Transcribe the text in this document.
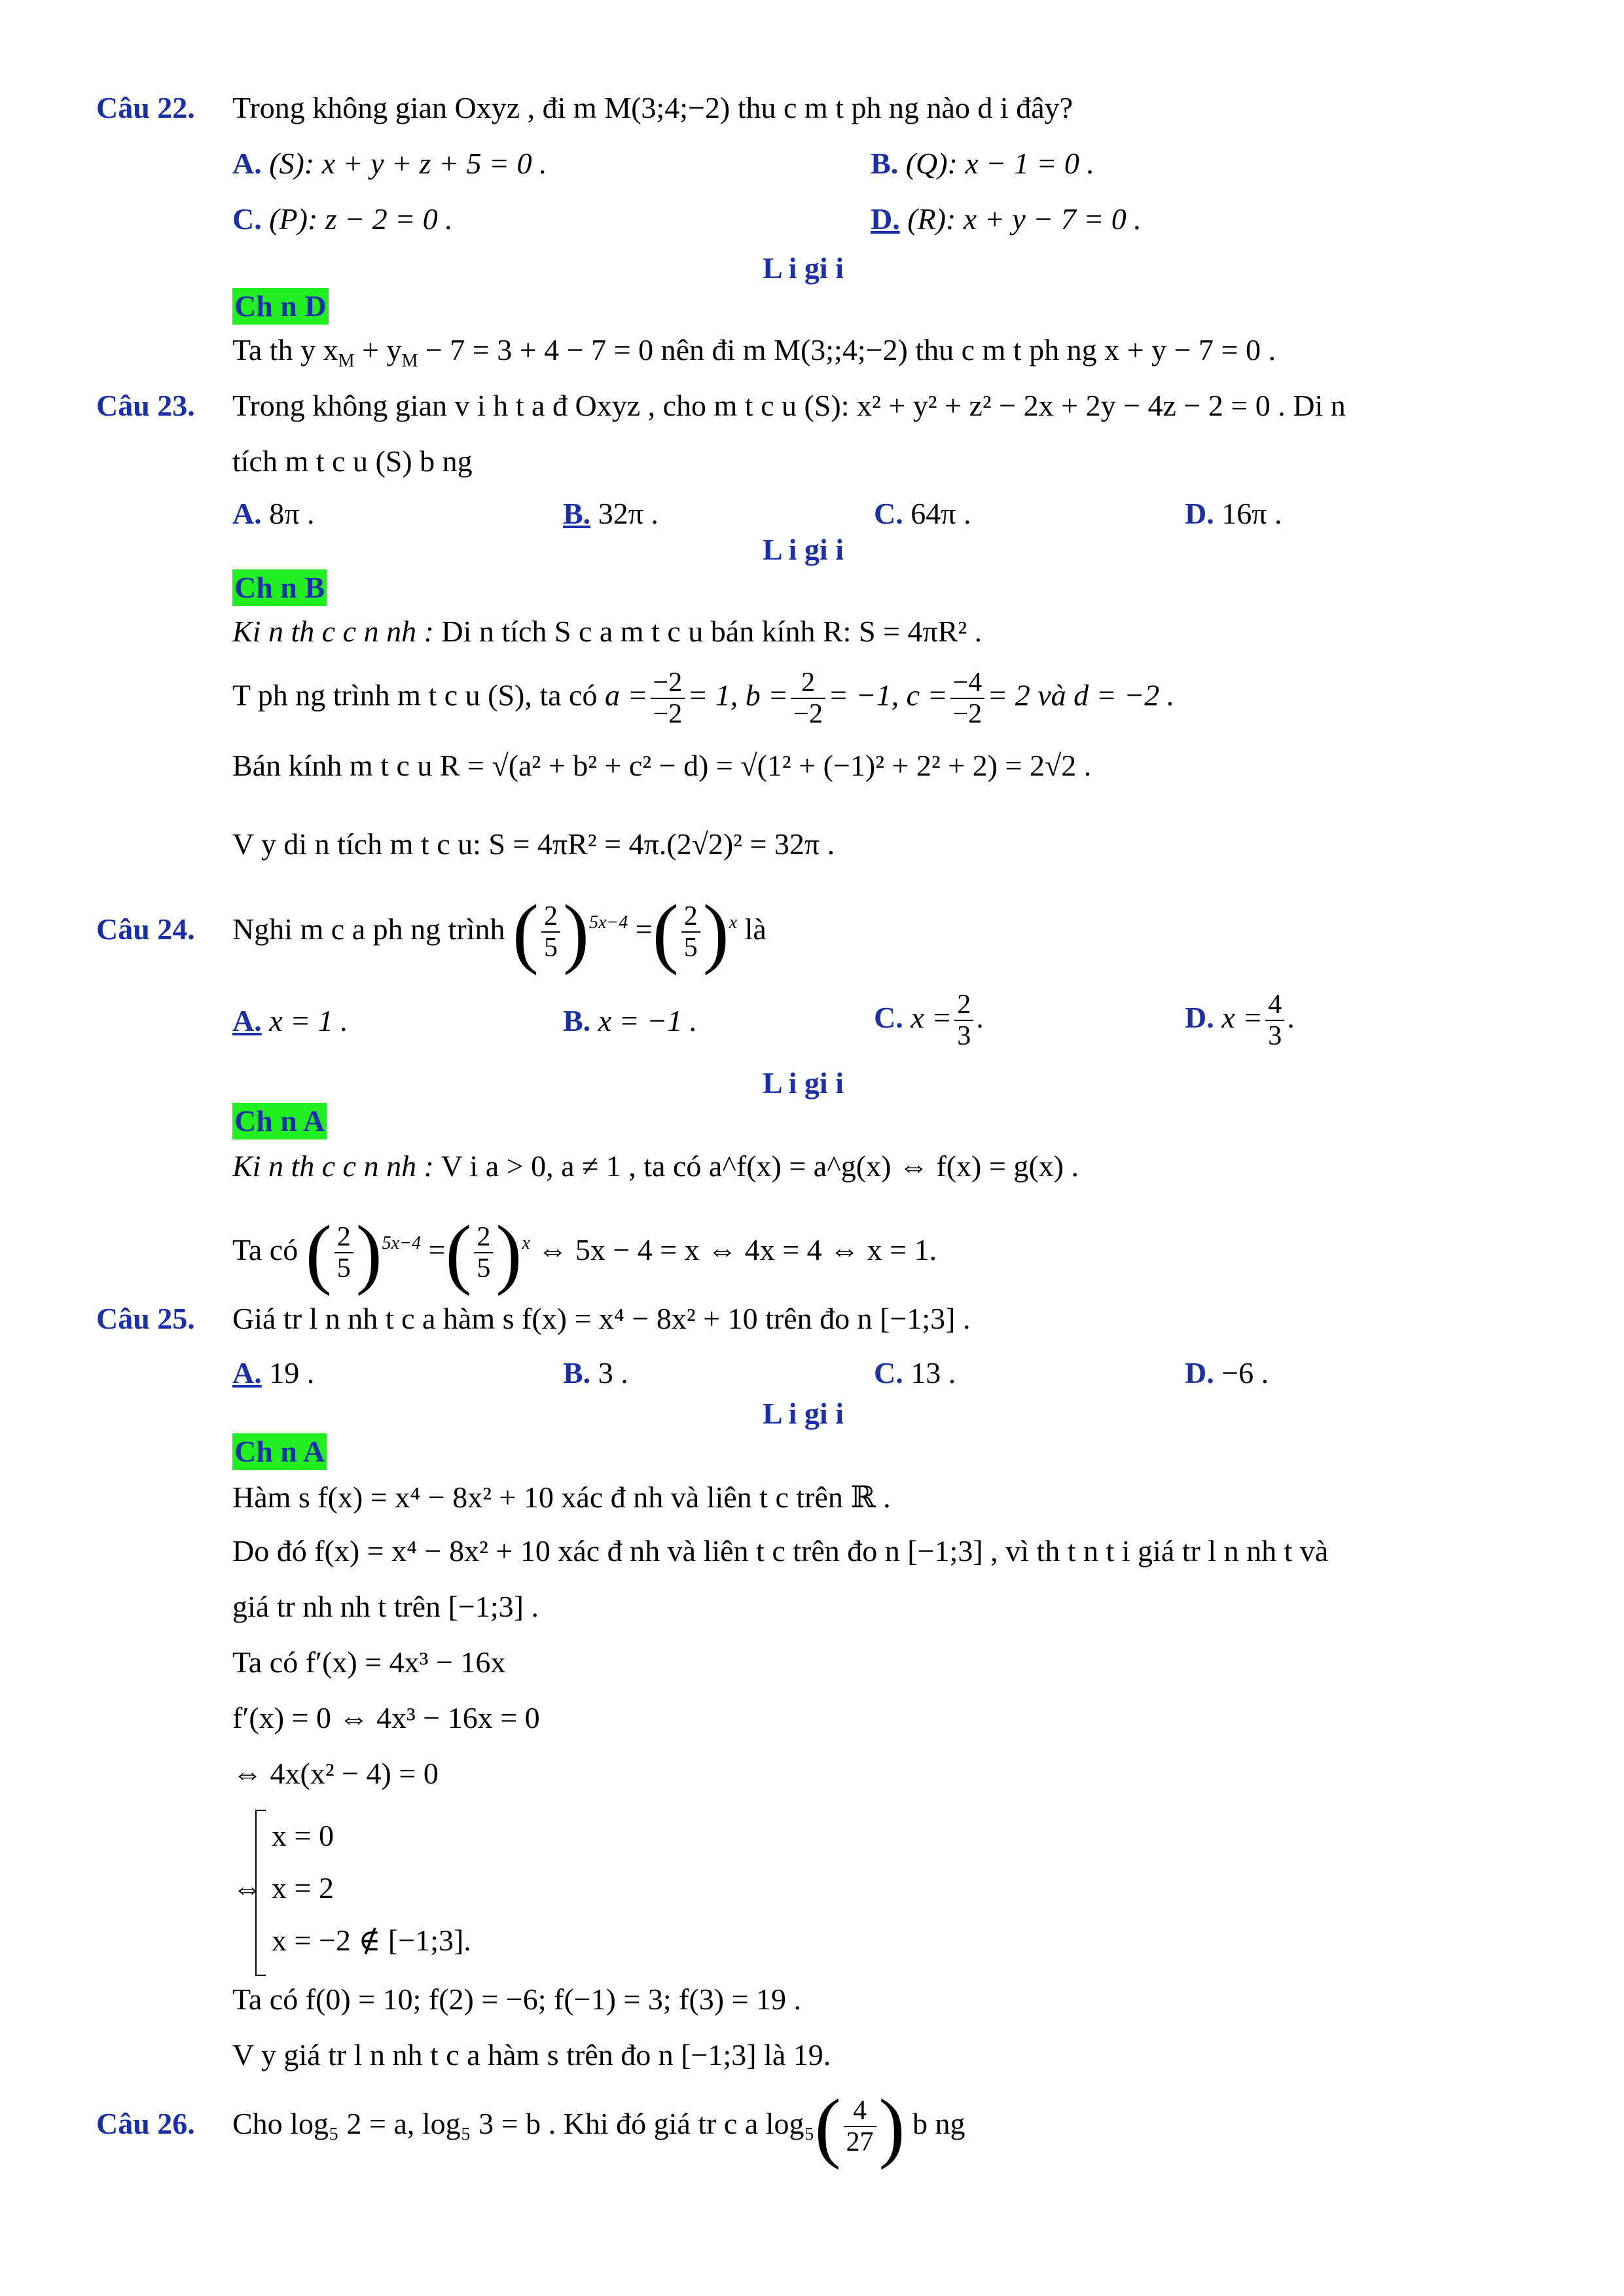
Câu 22. Trong không gian Oxyz , đi m M(3;4;−2) thu c m t ph ng nào d i đây?
A. (S): x + y + z + 5 = 0 .	B. (Q): x − 1 = 0 .
C. (P): z − 2 = 0 .	D. (R): x + y − 7 = 0 .
L i gi i
Ch n D
Ta th y $x_M + y_M - 7 = 3 + 4 - 7 = 0$ nên đi m M(3;;4;−2) thu c m t ph ng x + y − 7 = 0 .
Câu 23. Trong không gian v i h t a đ Oxyz , cho m t c u (S): x² + y² + z² − 2x + 2y − 4z − 2 = 0 . Di n
tích m t c u (S) b ng
A. 8π .	B. 32π .	C. 64π .	D. 16π .
L i gi i
Ch n B
Ki n th c c n nh : Di n tích S c a m t c u bán kính R: S = 4πR² .
T ph ng trình m t c u (S), ta có $a = \frac{-2}{-2} = 1$, $b = \frac{2}{-2} = -1$, $c = \frac{-4}{-2} = 2$ và d = −2 .
Bán kính m t c u R = √(a² + b² + c² − d) = √(1² + (−1)² + 2² + 2) = 2√2 .
V y di n tích m t c u: S = 4πR² = 4π.(2√2)² = 32π .
Câu 24. Nghi m c a ph ng trình ( $\frac{2}{5} )^{5x-4}$ =( $\frac{2}{5} )^x$ là
A. x = 1 .	B. x = −1 .	C. $x = \frac{2}{3}$ .	D. $x = \frac{4}{3}$ .
L i gi i
Ch n A
Ki n th c c n nh : V i a > 0, a ≠ 1 , ta có a^f(x) = a^g(x) ⇔ f(x) = g(x) .
Ta có ( $\frac{2}{5} )^{5x-4}$ =( $\frac{2}{5} )^x$ ⇔ 5x − 4 = x ⇔ 4x = 4 ⇔ x = 1.
Câu 25. Giá tr l n nh t c a hàm s f(x) = x⁴ − 8x² + 10 trên đo n [−1;3] .
A. 19 .	B. 3 .	C. 13 .	D. −6 .
L i gi i
Ch n A
Hàm s f(x) = x⁴ − 8x² + 10 xác đ nh và liên t c trên ℝ .
Do đó f(x) = x⁴ − 8x² + 10 xác đ nh và liên t c trên đo n [−1;3] , vì th t n t i giá tr l n nh t và
giá tr nh nh t trên [−1;3] .
Ta có f′(x) = 4x³ − 16x
f′(x) = 0 ⇔ 4x³ − 16x = 0
⇔ 4x(x² − 4) = 0
⇔
x = 0
x = 2
x = −2 ∉ [−1;3].
Ta có f(0) = 10; f(2) = −6; f(−1) = 3; f(3) = 19 .
V y giá tr l n nh t c a hàm s trên đo n [−1;3] là 19.
Câu 26. Cho log₅ 2 = a, log₅ 3 = b . Khi đó giá tr c a $\log_5( \frac{4}{27}$ ) b ng
